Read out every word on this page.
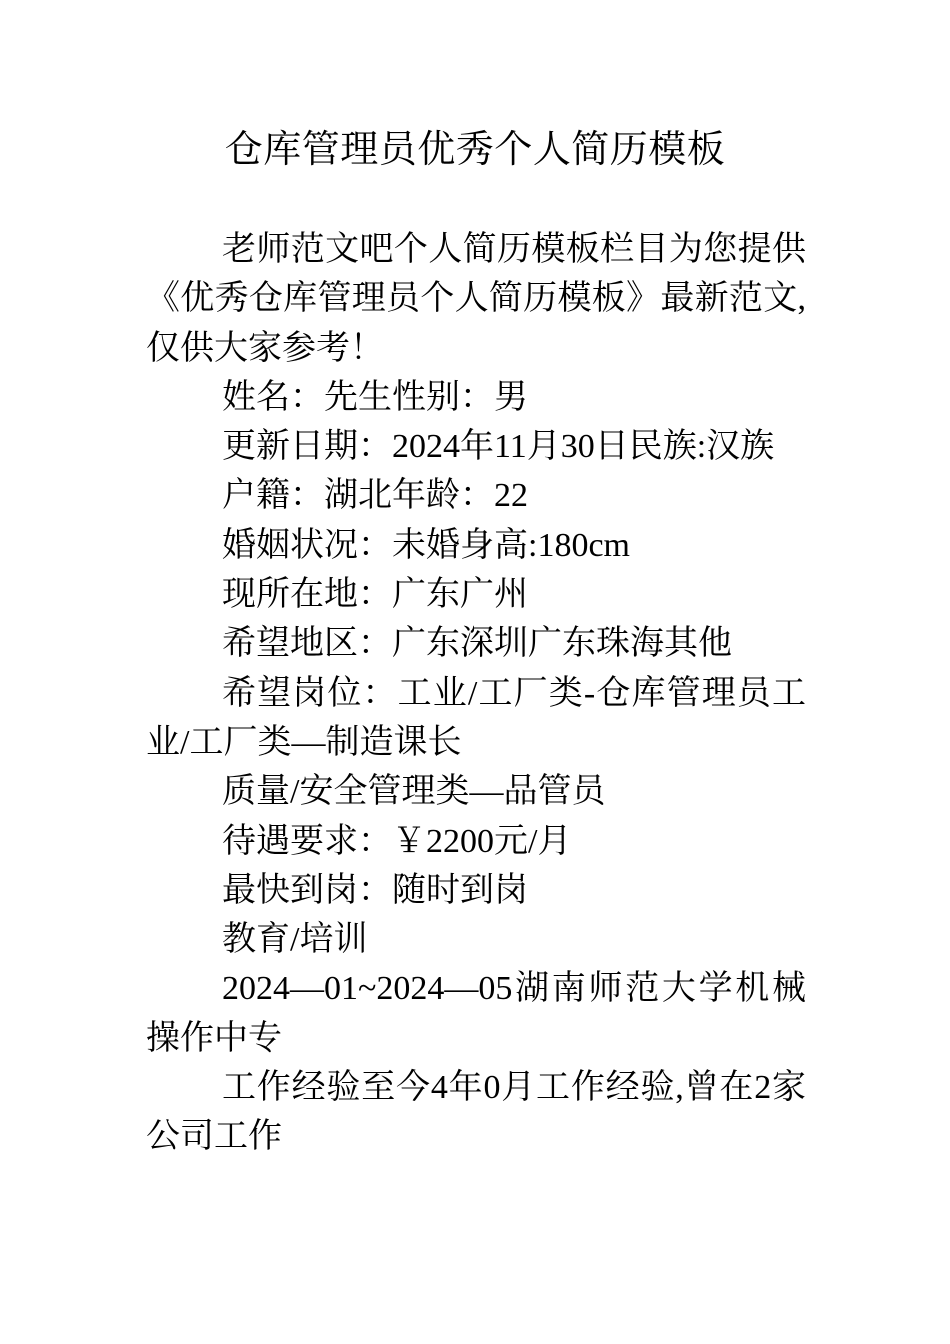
仓库管理员优秀个人简历模板

老师范文吧个人简历模板栏目为您提供《优秀仓库管理员个人简历模板》最新范文,仅供大家参考！

姓名：先生性别：男

更新日期：2024年11月30日民族:汉族

户籍：湖北年龄：22

婚姻状况：未婚身高:180cm

现所在地：广东广州

希望地区：广东深圳广东珠海其他

希望岗位：工业/工厂类-仓库管理员工业/工厂类—制造课长

质量/安全管理类—品管员

待遇要求：￥2200元/月

最快到岗：随时到岗

教育/培训

2024—01~2024—05湖南师范大学机械操作中专

工作经验至今4年0月工作经验,曾在2家公司工作
